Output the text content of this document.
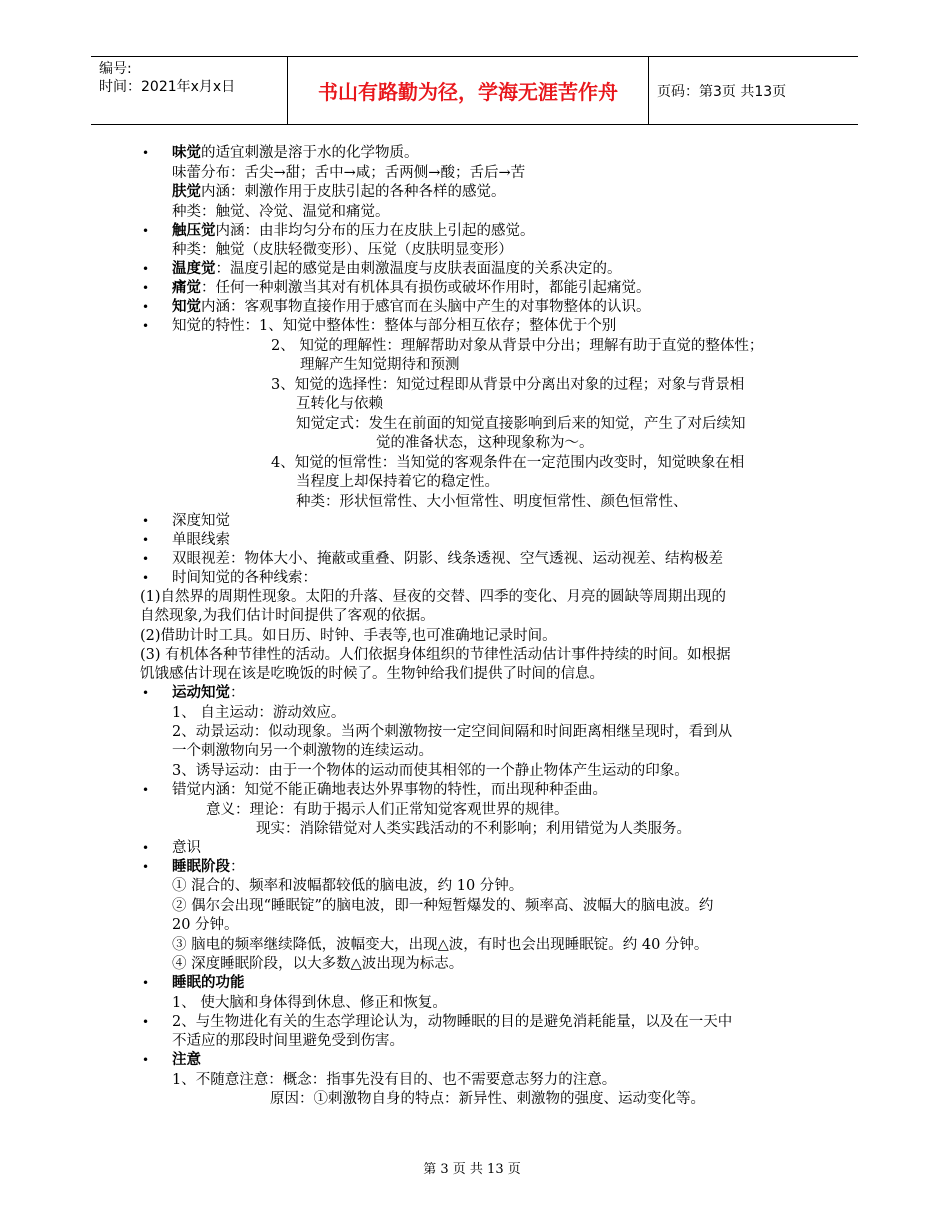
编号:
时间：2021年x月x日	书山有路勤为径，学海无涯苦作舟	页码：第3页 共13页
• 味觉的适宜刺激是溶于水的化学物质。
味蕾分布：舌尖→甜；舌中→咸；舌两侧→酸；舌后→苦
肤觉内涵：刺激作用于皮肤引起的各种各样的感觉。
种类：触觉、冷觉、温觉和痛觉。
• 触压觉内涵：由非均匀分布的压力在皮肤上引起的感觉。
种类：触觉（皮肤轻微变形）、压觉（皮肤明显变形）
• 温度觉：温度引起的感觉是由刺激温度与皮肤表面温度的关系决定的。
• 痛觉：任何一种刺激当其对有机体具有损伤或破坏作用时，都能引起痛觉。
• 知觉内涵：客观事物直接作用于感官而在头脑中产生的对事物整体的认识。
• 知觉的特性：1、知觉中整体性：整体与部分相互依存；整体优于个别
2、 知觉的理解性：理解帮助对象从背景中分出；理解有助于直觉的整体性；
理解产生知觉期待和预测
3、知觉的选择性：知觉过程即从背景中分离出对象的过程；对象与背景相
互转化与依赖
知觉定式：发生在前面的知觉直接影响到后来的知觉，产生了对后续知
觉的准备状态，这种现象称为～。
4、知觉的恒常性：当知觉的客观条件在一定范围内改变时，知觉映象在相
当程度上却保持着它的稳定性。
种类：形状恒常性、大小恒常性、明度恒常性、颜色恒常性、
• 深度知觉
• 单眼线索
• 双眼视差：物体大小、掩蔽或重叠、阴影、线条透视、空气透视、运动视差、结构极差
• 时间知觉的各种线索：
(1)自然界的周期性现象。太阳的升落、昼夜的交替、四季的变化、月亮的圆缺等周期出现的
自然现象,为我们估计时间提供了客观的依据。
(2)借助计时工具。如日历、时钟、手表等,也可准确地记录时间。
(3) 有机体各种节律性的活动。人们依据身体组织的节律性活动估计事件持续的时间。如根据
饥饿感估计现在该是吃晚饭的时候了。生物钟给我们提供了时间的信息。
• 运动知觉：
1、 自主运动：游动效应。
2、动景运动：似动现象。当两个刺激物按一定空间间隔和时间距离相继呈现时，看到从
一个刺激物向另一个刺激物的连续运动。
3、诱导运动：由于一个物体的运动而使其相邻的一个静止物体产生运动的印象。
• 错觉内涵：知觉不能正确地表达外界事物的特性，而出现种种歪曲。
意义：理论：有助于揭示人们正常知觉客观世界的规律。
现实：消除错觉对人类实践活动的不利影响；利用错觉为人类服务。
• 意识
• 睡眠阶段：
① 混合的、频率和波幅都较低的脑电波，约 10 分钟。
② 偶尔会出现“睡眠锭”的脑电波，即一种短暂爆发的、频率高、波幅大的脑电波。约
20 分钟。
③ 脑电的频率继续降低，波幅变大，出现△波，有时也会出现睡眠锭。约 40 分钟。
④ 深度睡眠阶段，以大多数△波出现为标志。
• 睡眠的功能
1、 使大脑和身体得到休息、修正和恢复。
• 2、与生物进化有关的生态学理论认为，动物睡眠的目的是避免消耗能量，以及在一天中
不适应的那段时间里避免受到伤害。
• 注意
1、不随意注意：概念：指事先没有目的、也不需要意志努力的注意。
原因：①刺激物自身的特点：新异性、刺激物的强度、运动变化等。
第 3 页 共 13 页
